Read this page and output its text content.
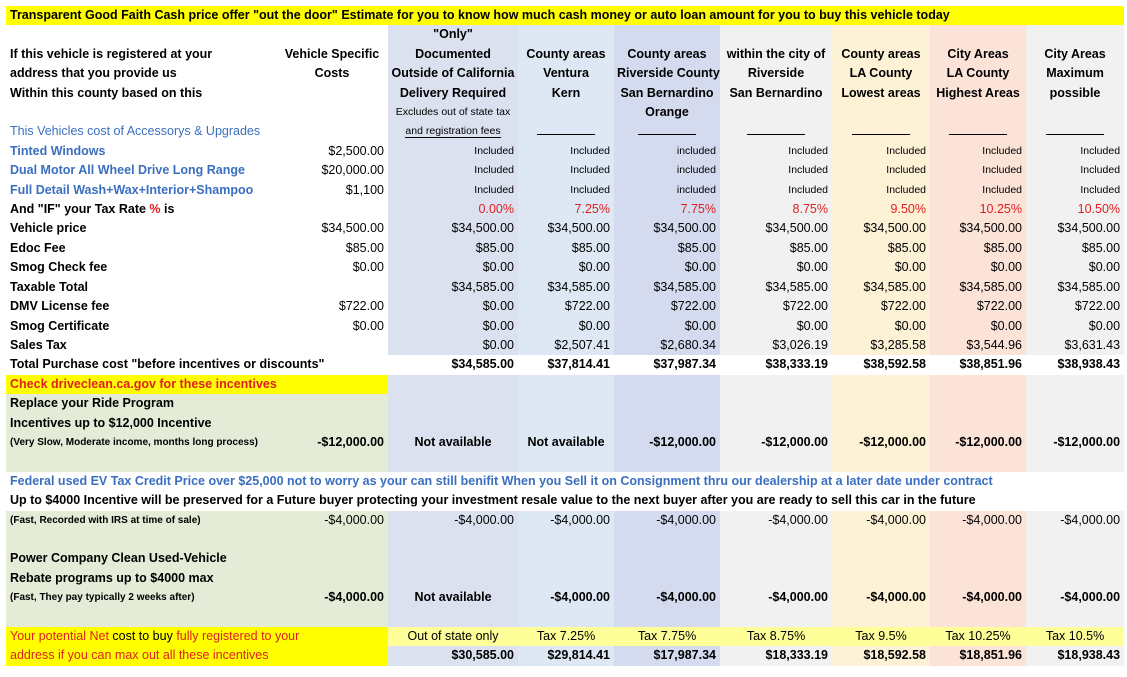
Transparent Good Faith Cash price offer "out the door" Estimate for you to know how much cash money or auto loan amount for you to buy this vehicle today								
		"Only"						
If this vehicle is registered at your	Vehicle Specific	Documented	County areas	County areas	within the city of	County areas	City Areas	City Areas
address that you provide us	Costs	Outside of California	Ventura	Riverside County	Riverside	LA County	LA County	Maximum
Within this county based on this		Delivery Required	Kern	San Bernardino	San Bernardino	Lowest areas	Highest Areas	possible
		Excludes out of state tax		Orange				
This Vehicles cost of Accessorys & Upgrades		and registration fees						
Tinted Windows	$2,500.00	Included	Included	included	Included	Included	Included	Included
Dual Motor All Wheel Drive Long Range	$20,000.00	Included	Included	included	Included	Included	Included	Included
Full Detail Wash+Wax+Interior+Shampoo	$1,100	Included	Included	included	Included	Included	Included	Included
And "IF" your Tax Rate % is		0.00%	7.25%	7.75%	8.75%	9.50%	10.25%	10.50%
Vehicle price	$34,500.00	$34,500.00	$34,500.00	$34,500.00	$34,500.00	$34,500.00	$34,500.00	$34,500.00
Edoc Fee	$85.00	$85.00	$85.00	$85.00	$85.00	$85.00	$85.00	$85.00
Smog Check fee	$0.00	$0.00	$0.00	$0.00	$0.00	$0.00	$0.00	$0.00
Taxable Total		$34,585.00	$34,585.00	$34,585.00	$34,585.00	$34,585.00	$34,585.00	$34,585.00
DMV License fee	$722.00	$0.00	$722.00	$722.00	$722.00	$722.00	$722.00	$722.00
Smog Certificate	$0.00	$0.00	$0.00	$0.00	$0.00	$0.00	$0.00	$0.00
Sales Tax		$0.00	$2,507.41	$2,680.34	$3,026.19	$3,285.58	$3,544.96	$3,631.43
Total Purchase cost "before incentives or discounts"		$34,585.00	$37,814.41	$37,987.34	$38,333.19	$38,592.58	$38,851.96	$38,938.43
Check driveclean.ca.gov for these incentives								
Replace your Ride Program								
Incentives up to $12,000 Incentive								
(Very Slow, Moderate income, months long process)	-$12,000.00	Not available	Not available	-$12,000.00	-$12,000.00	-$12,000.00	-$12,000.00	-$12,000.00

Federal used EV Tax Credit Price over $25,000 not to worry as your can still benifit When you Sell it on Consignment thru our dealership at a later date under contract								
Up to $4000 Incentive will be preserved for a Future buyer protecting your investment resale value to the next buyer after you are ready to sell this car in the future								
(Fast, Recorded with IRS at time of sale)	-$4,000.00	-$4,000.00	-$4,000.00	-$4,000.00	-$4,000.00	-$4,000.00	-$4,000.00	-$4,000.00

Power Company Clean Used-Vehicle								
Rebate programs up to $4000 max								
(Fast, They pay typically 2 weeks after)	-$4,000.00	Not available	-$4,000.00	-$4,000.00	-$4,000.00	-$4,000.00	-$4,000.00	-$4,000.00

Your potential Net cost to buy fully registered to your		Out of state only	Tax 7.25%	Tax 7.75%	Tax 8.75%	Tax 9.5%	Tax 10.25%	Tax 10.5%
address if you can max out all these incentives		$30,585.00	$29,814.41	$17,987.34	$18,333.19	$18,592.58	$18,851.96	$18,938.43
